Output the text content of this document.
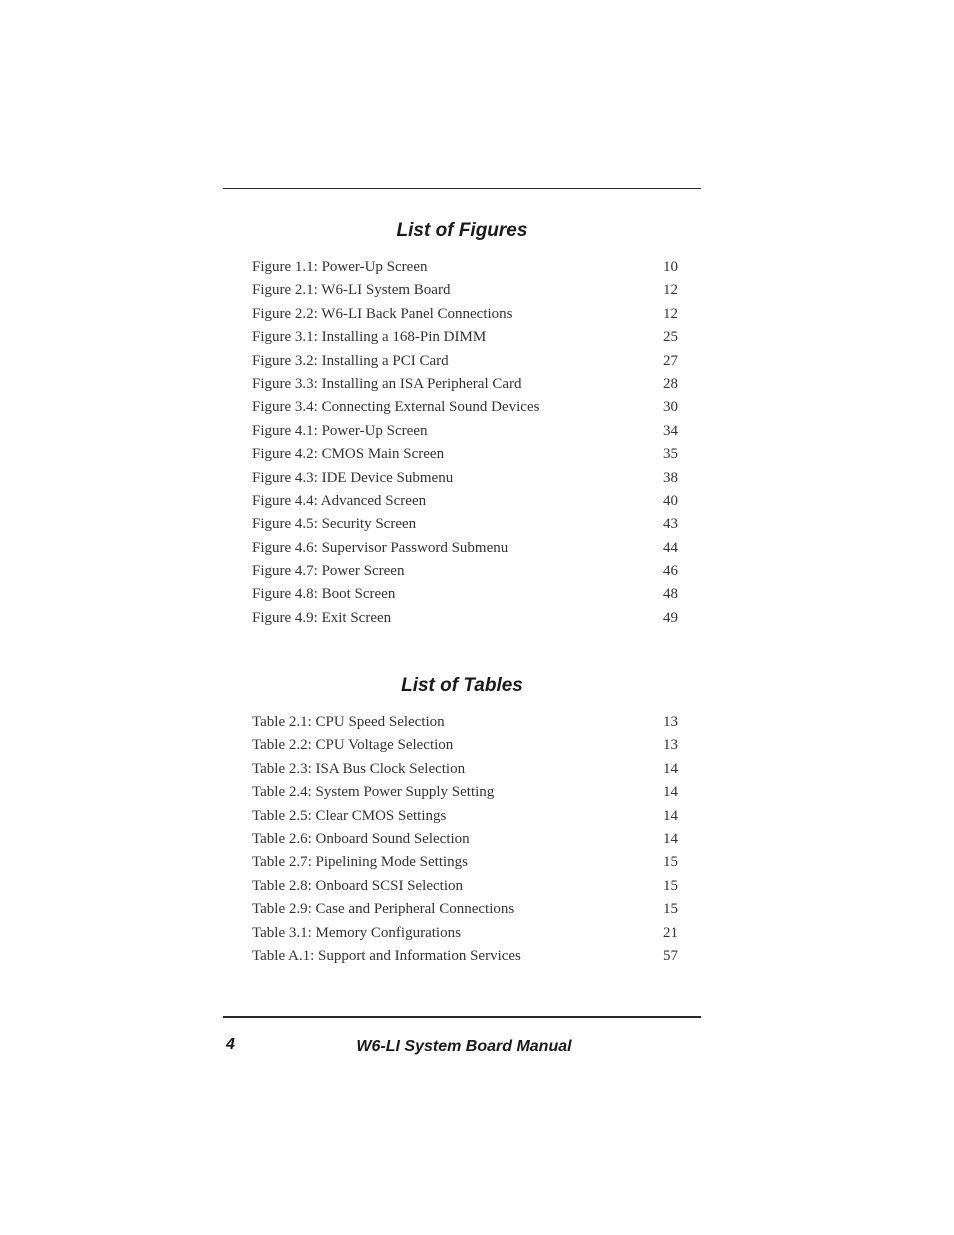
List of Figures
Figure 1.1: Power-Up Screen	10
Figure 2.1: W6-LI System Board	12
Figure 2.2: W6-LI Back Panel Connections	12
Figure 3.1: Installing a 168-Pin DIMM	25
Figure 3.2: Installing a PCI Card	27
Figure 3.3: Installing an ISA Peripheral Card	28
Figure 3.4: Connecting External Sound Devices	30
Figure 4.1: Power-Up Screen	34
Figure 4.2: CMOS Main Screen	35
Figure 4.3: IDE Device Submenu	38
Figure 4.4: Advanced Screen	40
Figure 4.5: Security Screen	43
Figure 4.6: Supervisor Password Submenu	44
Figure 4.7: Power Screen	46
Figure 4.8: Boot Screen	48
Figure 4.9: Exit Screen	49
List of Tables
Table 2.1: CPU Speed Selection	13
Table 2.2: CPU Voltage Selection	13
Table 2.3: ISA Bus Clock Selection	14
Table 2.4: System Power Supply Setting	14
Table 2.5: Clear CMOS Settings	14
Table 2.6: Onboard Sound Selection	14
Table 2.7: Pipelining Mode Settings	15
Table 2.8: Onboard SCSI Selection	15
Table 2.9: Case and Peripheral Connections	15
Table 3.1: Memory Configurations	21
Table A.1: Support and Information Services	57
4	W6-LI System Board Manual
